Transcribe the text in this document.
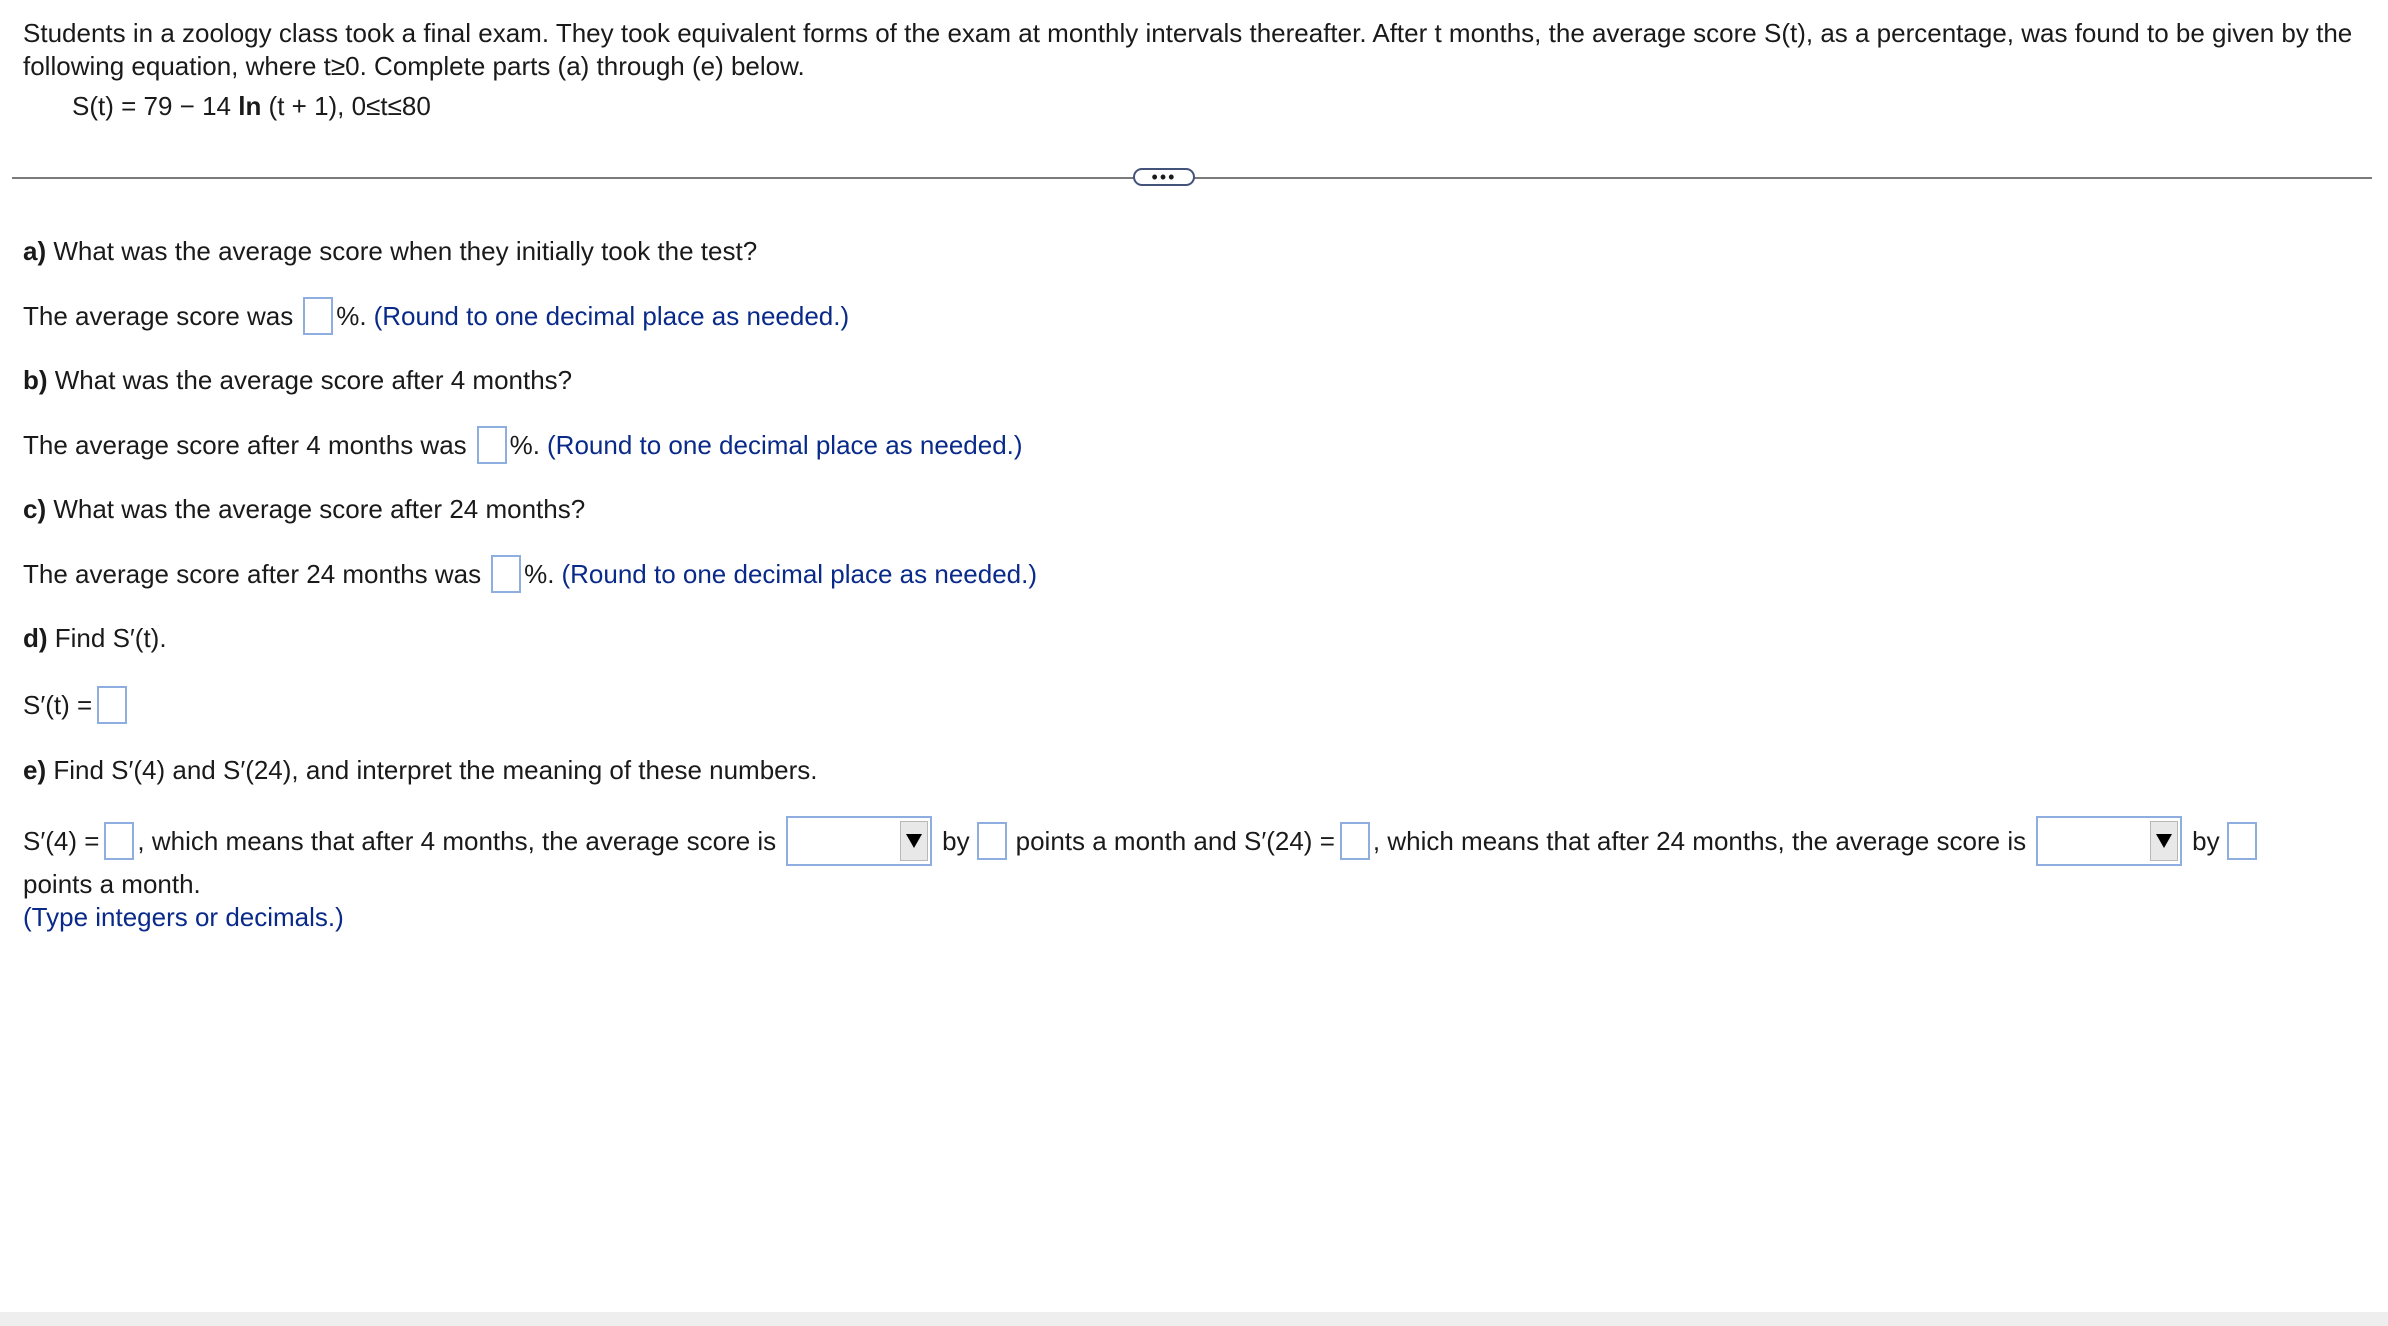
Students in a zoology class took a final exam. They took equivalent forms of the exam at monthly intervals thereafter. After t months, the average score S(t), as a percentage, was found to be given by the
following equation, where t≥0. Complete parts (a) through (e) below.
S(t) = 79 − 14 ln (t + 1), 0≤t≤80
•••
a) What was the average score when they initially took the test?
The average score was %. (Round to one decimal place as needed.)
b) What was the average score after 4 months?
The average score after 4 months was %. (Round to one decimal place as needed.)
c) What was the average score after 24 months?
The average score after 24 months was %. (Round to one decimal place as needed.)
d) Find S′(t).
S′(t) =
e) Find S′(4) and S′(24), and interpret the meaning of these numbers.
S′(4) = , which means that after 4 months, the average score is	by points a month and S′(24) = , which means that after 24 months, the average score is	by
points a month.
(Type integers or decimals.)
